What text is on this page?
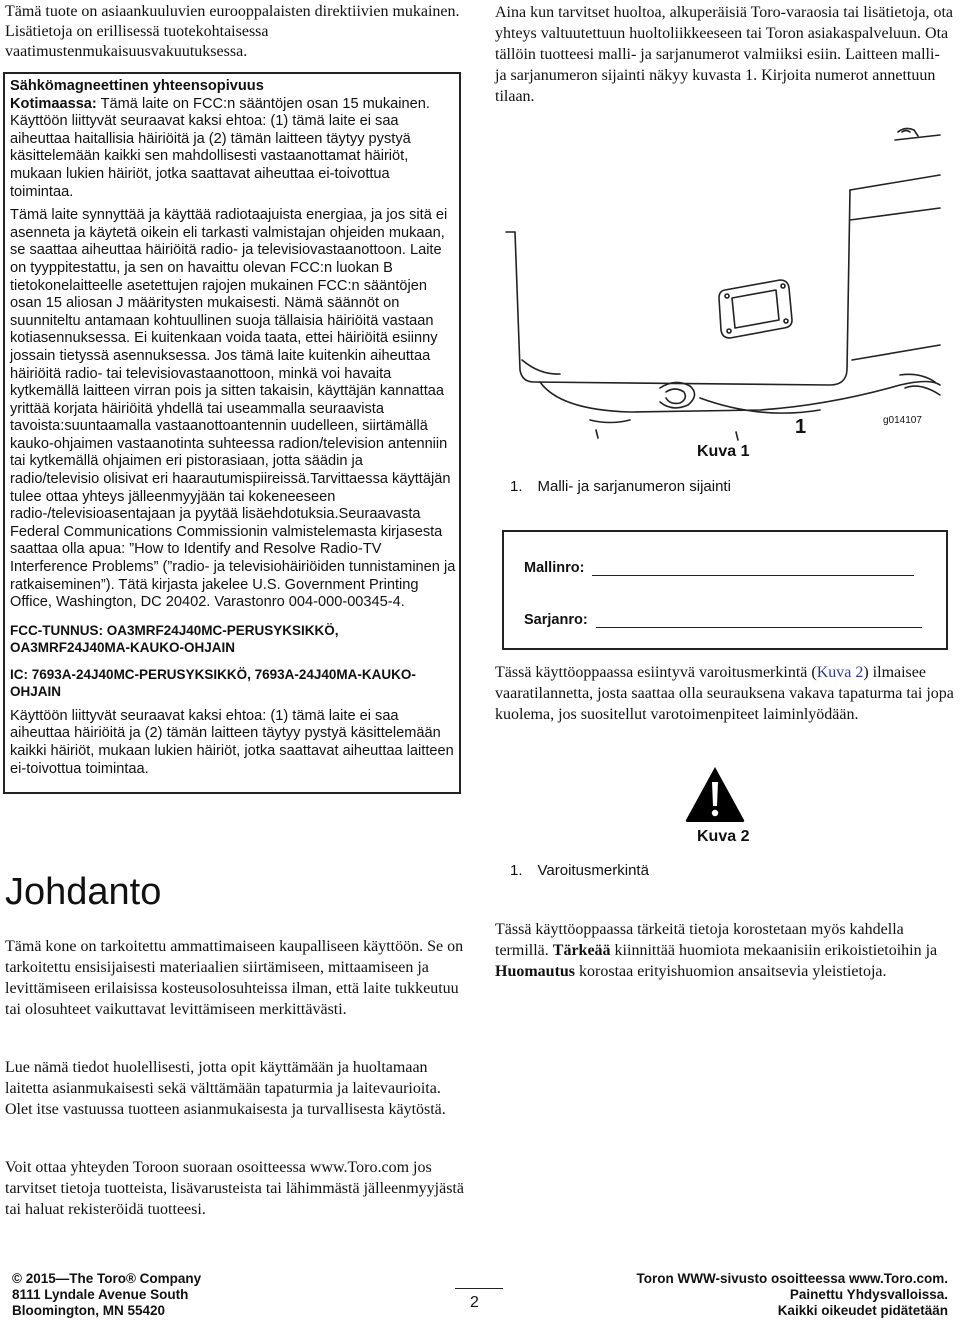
Tämä tuote on asiaankuuluvien eurooppalaisten direktiivien mukainen. Lisätietoja on erillisessä tuotekohtaisessa vaatimustenmukaisuusvakuutuksessa.

Sähkömagneettinen yhteensopivuus

Kotimaassa: Tämä laite on FCC:n sääntöjen osan 15 mukainen. Käyttöön liittyvät seuraavat kaksi ehtoa: (1) tämä laite ei saa aiheuttaa haitallisia häiriöitä ja (2) tämän laitteen täytyy pystyä käsittelemään kaikki sen mahdollisesti vastaanottamat häiriöt, mukaan lukien häiriöt, jotka saattavat aiheuttaa ei-toivottua toimintaa.

Tämä laite synnyttää ja käyttää radiotaajuista energiaa, ja jos sitä ei asenneta ja käytetä oikein eli tarkasti valmistajan ohjeiden mukaan, se saattaa aiheuttaa häiriöitä radio- ja televisiovastaanottoon. Laite on tyyppitestattu, ja sen on havaittu olevan FCC:n luokan B tietokonelaitteelle asetettujen rajojen mukainen FCC:n sääntöjen osan 15 aliosan J määritysten mukaisesti. Nämä säännöt on suunniteltu antamaan kohtuullinen suoja tällaisia häiriöitä vastaan kotiasennuksessa. Ei kuitenkaan voida taata, ettei häiriöitä esiinny jossain tietyssä asennuksessa. Jos tämä laite kuitenkin aiheuttaa häiriöitä radio- tai televisiovastaanottoon, minkä voi havaita kytkemällä laitteen virran pois ja sitten takaisin, käyttäjän kannattaa yrittää korjata häiriöitä yhdellä tai useammalla seuraavista tavoista:suuntaamalla vastaanottoantennin uudelleen, siirtämällä kauko-ohjaimen vastaanotinta suhteessa radion/television antenniin tai kytkemällä ohjaimen eri pistorasiaan, jotta säädin ja radio/televisio olisivat eri haarautumispiireissä.Tarvittaessa käyttäjän tulee ottaa yhteys jälleenmyyjään tai kokeneeseen radio-/televisioasentajaan ja pyytää lisäehdotuksia.Seuraavasta Federal Communications Commissionin valmistelemasta kirjasesta saattaa olla apua: ”How to Identify and Resolve Radio-TV Interference Problems” (”radio- ja televisiohäiriöiden tunnistaminen ja ratkaiseminen”). Tätä kirjasta jakelee U.S. Government Printing Office, Washington, DC 20402. Varastonro 004-000-00345-4.

FCC-TUNNUS: OA3MRF24J40MC-PERUSYKSIKKÖ, OA3MRF24J40MA-KAUKO-OHJAIN

IC: 7693A-24J40MC-PERUSYKSIKKÖ, 7693A-24J40MA-KAUKO-OHJAIN

Käyttöön liittyvät seuraavat kaksi ehtoa: (1) tämä laite ei saa aiheuttaa häiriöitä ja (2) tämän laitteen täytyy pystyä käsittelemään kaikki häiriöt, mukaan lukien häiriöt, jotka saattavat aiheuttaa laitteen ei-toivottua toimintaa.

Johdanto

Tämä kone on tarkoitettu ammattimaiseen kaupalliseen käyttöön. Se on tarkoitettu ensisijaisesti materiaalien siirtämiseen, mittaamiseen ja levittämiseen erilaisissa kosteusolosuhteissa ilman, että laite tukkeutuu tai olosuhteet vaikuttavat levittämiseen merkittävästi.

Lue nämä tiedot huolellisesti, jotta opit käyttämään ja huoltamaan laitetta asianmukaisesti sekä välttämään tapaturmia ja laitevaurioita. Olet itse vastuussa tuotteen asianmukaisesta ja turvallisesta käytöstä.

Voit ottaa yhteyden Toroon suoraan osoitteessa www.Toro.com jos tarvitset tietoja tuotteista, lisävarusteista tai lähimmästä jälleenmyyjästä tai haluat rekisteröidä tuotteesi.

Aina kun tarvitset huoltoa, alkuperäisiä Toro-varaosia tai lisätietoja, ota yhteys valtuutettuun huoltoliikkeeseen tai Toron asiakaspalveluun. Ota tällöin tuotteesi malli- ja sarjanumerot valmiiksi esiin. Laitteen malli- ja sarjanumeron sijainti näkyy kuvasta 1. Kirjoita numerot annettuun tilaan.

1	g014107
Kuva 1
1. Malli- ja sarjanumeron sijainti
Mallinro:
Sarjanro:

Tässä käyttöoppaassa esiintyvä varoitusmerkintä (Kuva 2) ilmaisee vaaratilannetta, josta saattaa olla seurauksena vakava tapaturma tai jopa kuolema, jos suositellut varotoimenpiteet laiminlyödään.

Kuva 2
1. Varoitusmerkintä

Tässä käyttöoppaassa tärkeitä tietoja korostetaan myös kahdella termillä. Tärkeää kiinnittää huomiota mekaanisiin erikoistietoihin ja Huomautus korostaa erityishuomion ansaitsevia yleistietoja.

© 2015—The Toro® Company
8111 Lyndale Avenue South
Bloomington, MN 55420	2
Toron WWW-sivusto osoitteessa www.Toro.com.
Painettu Yhdysvalloissa.
Kaikki oikeudet pidätetään
